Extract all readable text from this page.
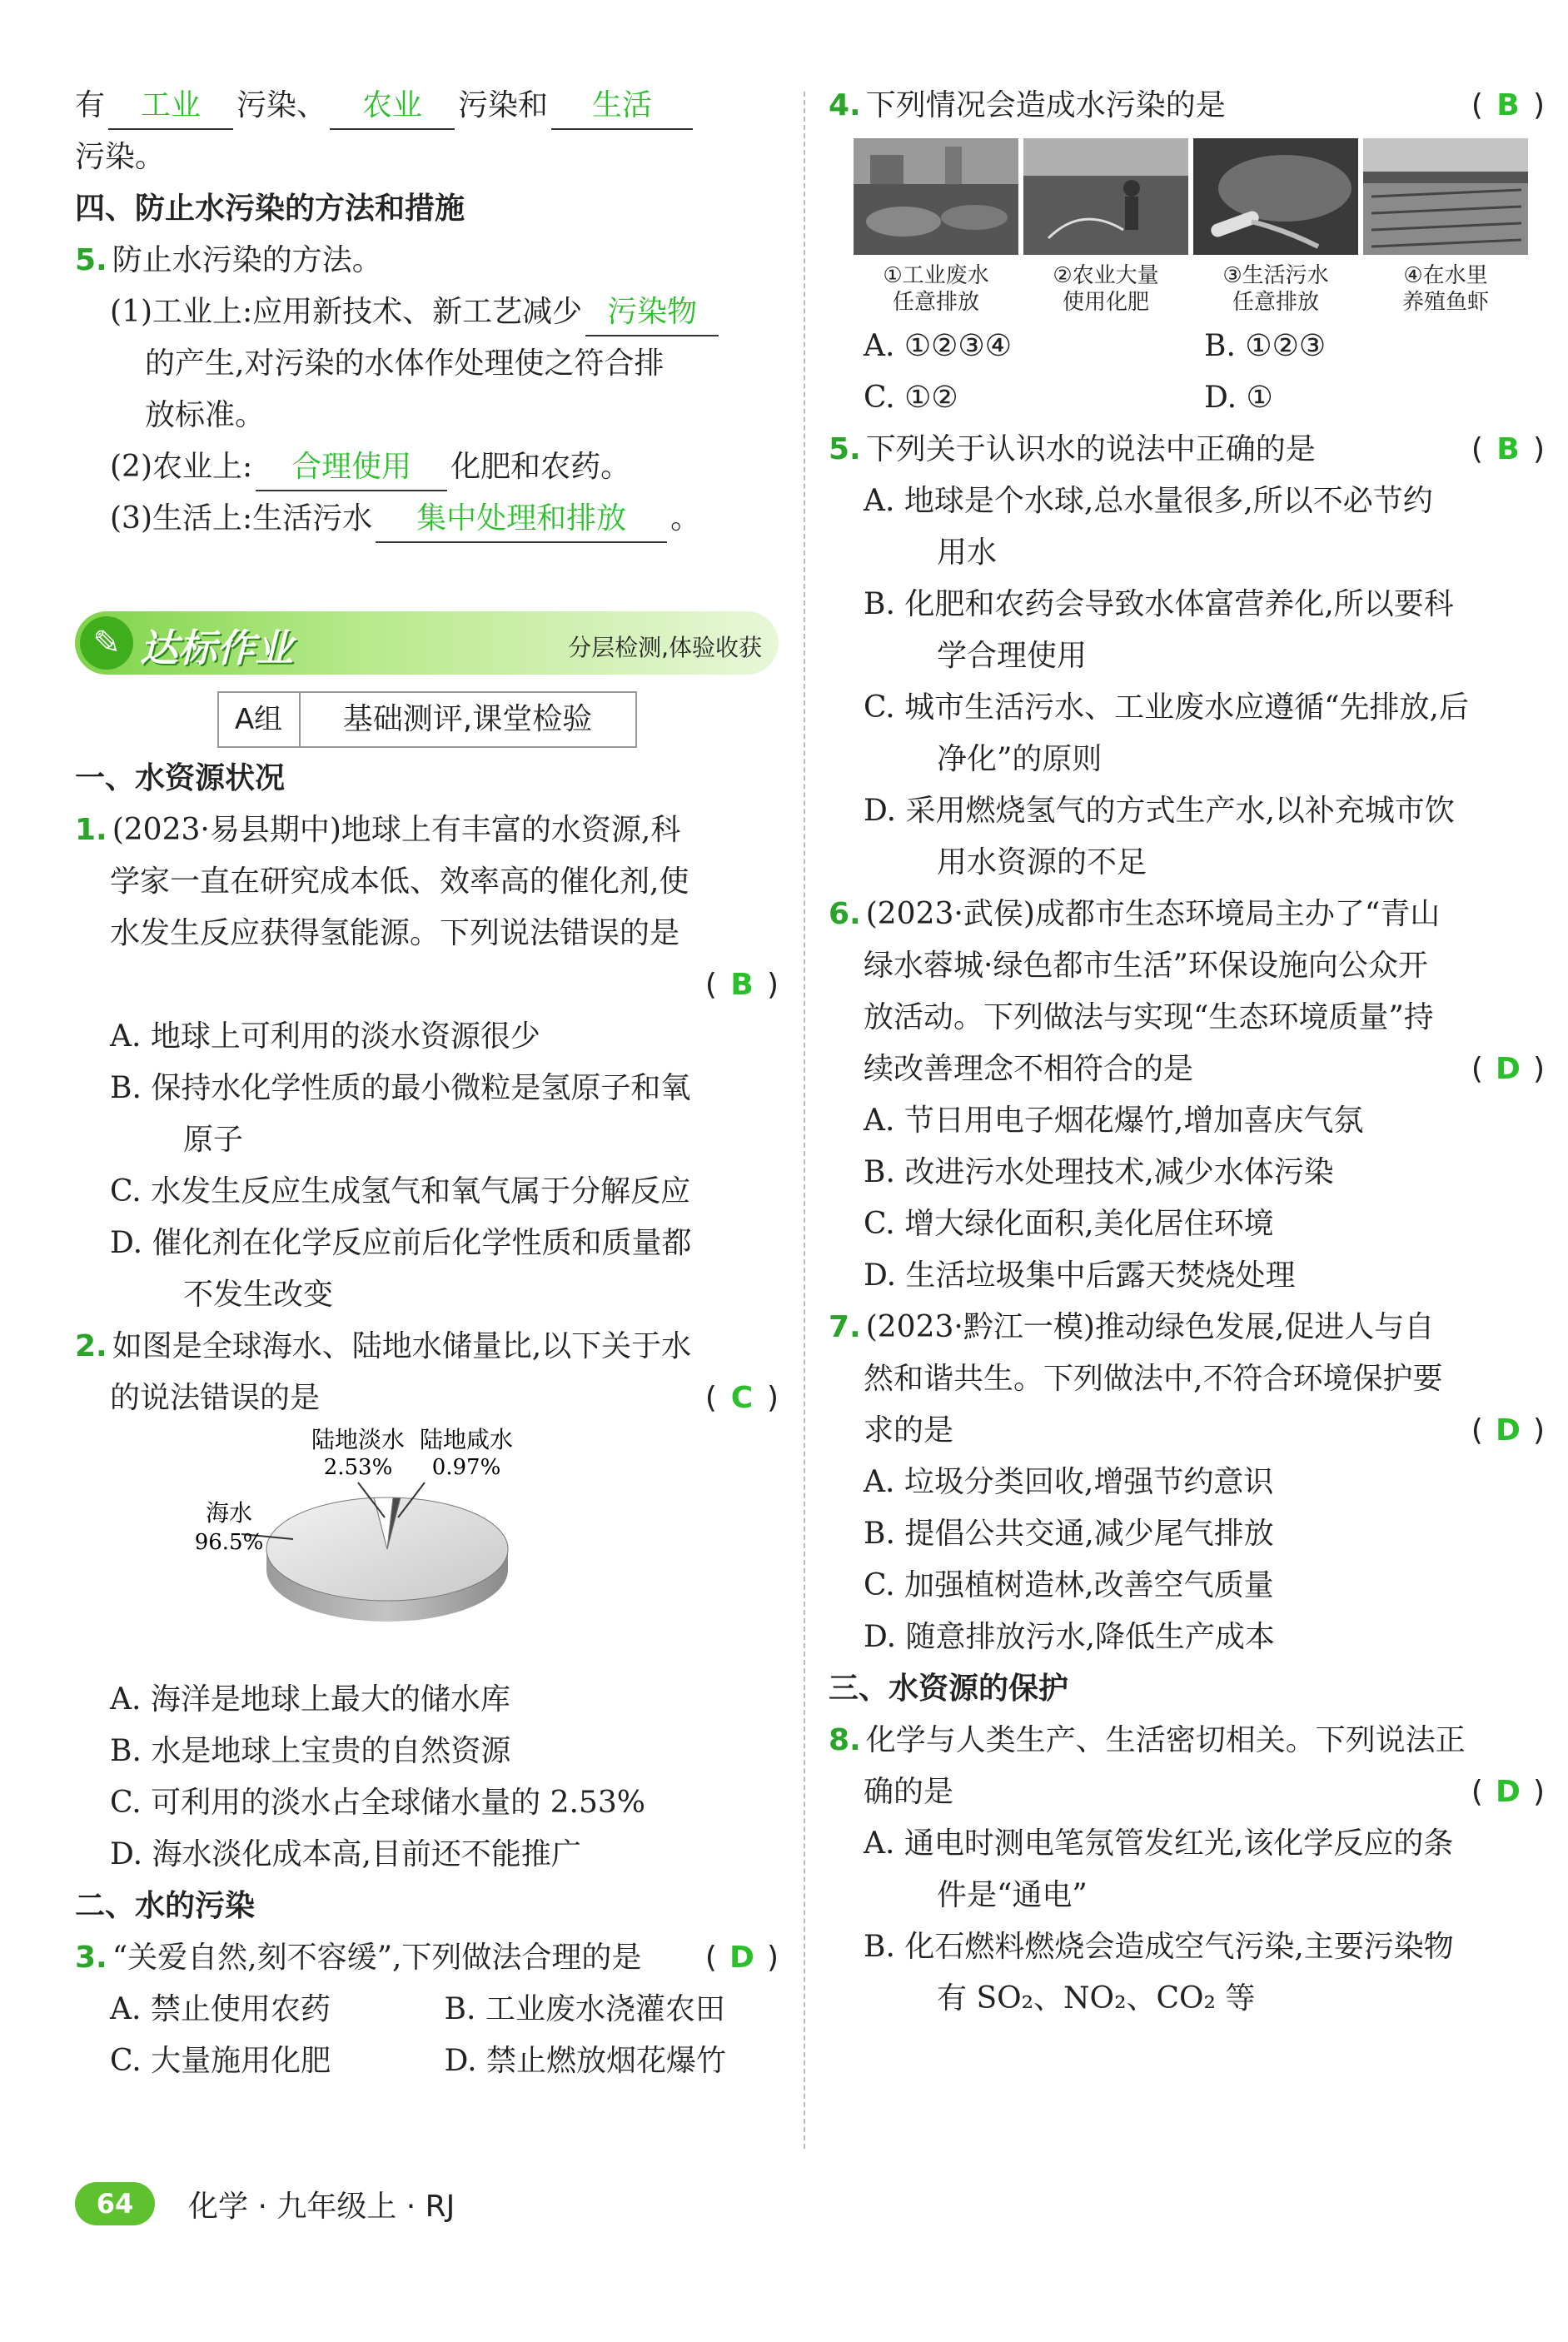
有 工业 污染、 农业 污染和 生活
污染。
四、防止水污染的方法和措施
5. 防止水污染的方法。
(1)工业上:应用新技术、新工艺减少 污染物
的产生,对污染的水体作处理使之符合排
放标准。
(2)农业上: 合理使用 化肥和农药。
(3)生活上:生活污水 集中处理和排放 。
✎ 达标作业	分层检测,体验收获
A组	基础测评,课堂检验
一、水资源状况
1. (2023·易县期中)地球上有丰富的水资源,科
学家一直在研究成本低、效率高的催化剂,使
水发生反应获得氢能源。下列说法错误的是
( B )
A. 地球上可利用的淡水资源很少
B. 保持水化学性质的最小微粒是氢原子和氧
原子
C. 水发生反应生成氢气和氧气属于分解反应
D. 催化剂在化学反应前后化学性质和质量都
不发生改变
2. 如图是全球海水、陆地水储量比,以下关于水
的说法错误的是	( C )
海水
96.5%
陆地淡水
2.53%
陆地咸水
0.97%
A. 海洋是地球上最大的储水库
B. 水是地球上宝贵的自然资源
C. 可利用的淡水占全球储水量的 2.53%
D. 海水淡化成本高,目前还不能推广
二、水的污染
3. “关爱自然,刻不容缓”,下列做法合理的是 ( D )
A. 禁止使用农药	B. 工业废水浇灌农田
C. 大量施用化肥	D. 禁止燃放烟花爆竹
4. 下列情况会造成水污染的是	( B )
①工业废水
任意排放
②农业大量
使用化肥
③生活污水
任意排放
④在水里
养殖鱼虾
A. ①②③④	B. ①②③
C. ①②	D. ①
5. 下列关于认识水的说法中正确的是	( B )
A. 地球是个水球,总水量很多,所以不必节约
用水
B. 化肥和农药会导致水体富营养化,所以要科
学合理使用
C. 城市生活污水、工业废水应遵循“先排放,后
净化”的原则
D. 采用燃烧氢气的方式生产水,以补充城市饮
用水资源的不足
6. (2023·武侯)成都市生态环境局主办了“青山
绿水蓉城·绿色都市生活”环保设施向公众开
放活动。下列做法与实现“生态环境质量”持
续改善理念不相符合的是	( D )
A. 节日用电子烟花爆竹,增加喜庆气氛
B. 改进污水处理技术,减少水体污染
C. 增大绿化面积,美化居住环境
D. 生活垃圾集中后露天焚烧处理
7. (2023·黔江一模)推动绿色发展,促进人与自
然和谐共生。下列做法中,不符合环境保护要
求的是	( D )
A. 垃圾分类回收,增强节约意识
B. 提倡公共交通,减少尾气排放
C. 加强植树造林,改善空气质量
D. 随意排放污水,降低生产成本
三、水资源的保护
8. 化学与人类生产、生活密切相关。下列说法正
确的是	( D )
A. 通电时测电笔氖管发红光,该化学反应的条
件是“通电”
B. 化石燃料燃烧会造成空气污染,主要污染物
有 SO₂、NO₂、CO₂ 等
64	化学 · 九年级上 · RJ
